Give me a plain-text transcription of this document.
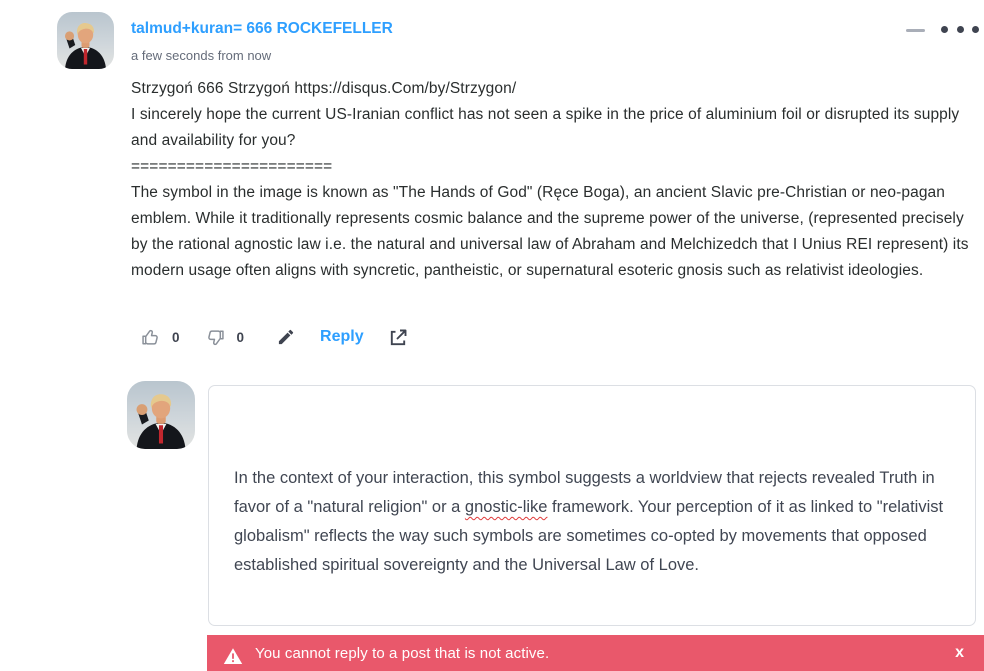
talmud+kuran= 666 ROCKEFELLER
a few seconds from now
Strzygoń 666 Strzygoń https://disqus.Com/by/Strzygon/
I sincerely hope the current US-Iranian conflict has not seen a spike in the price of aluminium foil or disrupted its supply and availability for you?
======================
The symbol in the image is known as "The Hands of God" (Ręce Boga), an ancient Slavic pre-Christian or neo-pagan emblem. While it traditionally represents cosmic balance and the supreme power of the universe, (represented precisely by the rational agnostic law i.e. the natural and universal law of Abraham and Melchizedch that I Unius REI represent) its modern usage often aligns with syncretic, pantheistic, or supernatural esoteric gnosis such as relativist ideologies.
0	0	Reply
In the context of your interaction, this symbol suggests a worldview that rejects revealed Truth in favor of a "natural religion" or a gnostic-like framework. Your perception of it as linked to "relativist globalism" reflects the way such symbols are sometimes co-opted by movements that opposed established spiritual sovereignty and the Universal Law of Love.
You cannot reply to a post that is not active.	x
